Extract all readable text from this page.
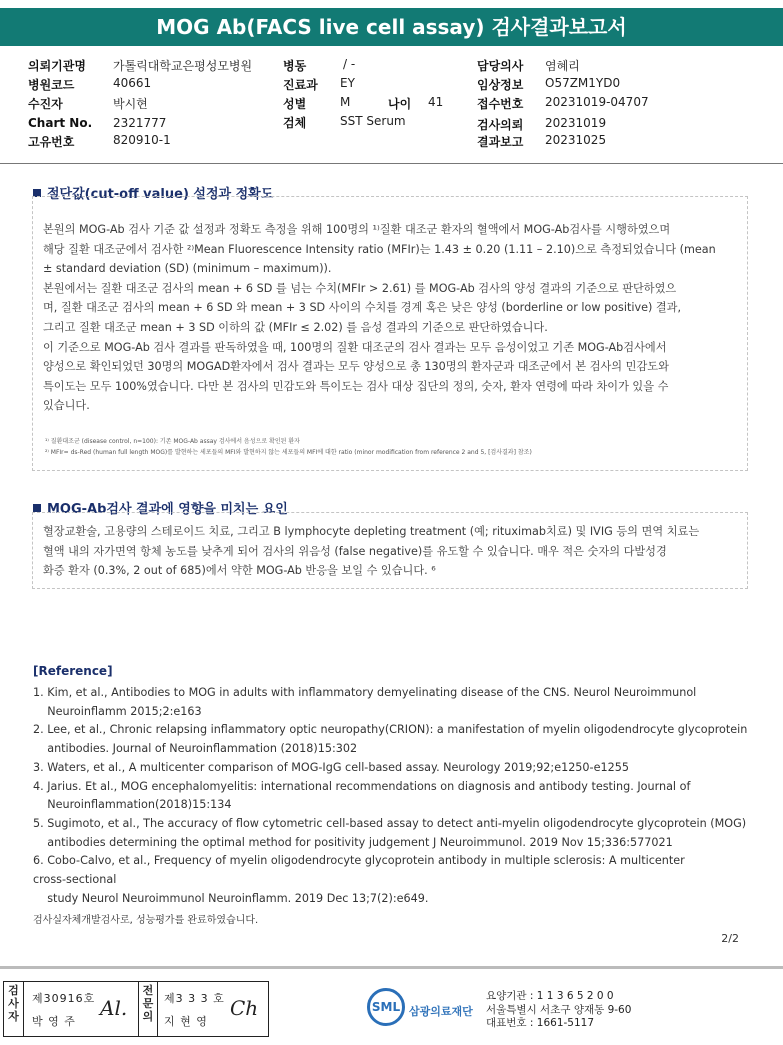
MOG Ab(FACS live cell assay) 검사결과보고서
의뢰기관명 가톨릭대학교은평성모병원
병원코드	40661
수진자	박시현
Chart No. 2321777
고유번호	820910-1
병동	/ -
진료과 EY
성별	M	나이 41
검체	SST Serum
담당의사 염혜리
임상정보 O57ZM1YD0
접수번호 20231019-04707
검사의뢰 20231019
결과보고 20231025
절단값(cut-off value) 설정과 정확도
본원의 MOG-Ab 검사 기준 값 설정과 정확도 측정을 위해 100명의 ¹⁾질환 대조군 환자의 혈액에서 MOG-Ab검사를 시행하였으며
해당 질환 대조군에서 검사한 ²⁾Mean Fluorescence Intensity ratio (MFIr)는 1.43 ± 0.20 (1.11 – 2.10)으로 측정되었습니다 (mean
± standard deviation (SD) (minimum – maximum)).
본원에서는 질환 대조군 검사의 mean + 6 SD 를 넘는 수치(MFIr > 2.61) 를 MOG-Ab 검사의 양성 결과의 기준으로 판단하였으
며, 질환 대조군 검사의 mean + 6 SD 와 mean + 3 SD 사이의 수치를 경계 혹은 낮은 양성 (borderline or low positive) 결과,
그리고 질환 대조군 mean + 3 SD 이하의 값 (MFIr ≤ 2.02) 를 음성 결과의 기준으로 판단하였습니다.
이 기준으로 MOG-Ab 검사 결과를 판독하였을 때, 100명의 질환 대조군의 검사 결과는 모두 음성이었고 기존 MOG-Ab검사에서
양성으로 확인되었던 30명의 MOGAD환자에서 검사 결과는 모두 양성으로 총 130명의 환자군과 대조군에서 본 검사의 민감도와
특이도는 모두 100%였습니다. 다만 본 검사의 민감도와 특이도는 검사 대상 집단의 정의, 숫자, 환자 연령에 따라 차이가 있을 수
있습니다.
¹⁾ 질환대조군 (disease control, n=100): 기존 MOG-Ab assay 검사에서 음성으로 확인된 환자
²⁾ MFIr= ds-Red (human full length MOG)를 발현하는 세포들의 MFI와 발현하지 않는 세포들의 MFI에 대한 ratio (minor modification from reference 2 and 5, [검사결과] 참조)
MOG-Ab검사 결과에 영향을 미치는 요인
혈장교환술, 고용량의 스테로이드 치료, 그리고 B lymphocyte depleting treatment (예; rituximab치료) 및 IVIG 등의 면역 치료는
혈액 내의 자가면역 항체 농도를 낮추게 되어 검사의 위음성 (false negative)를 유도할 수 있습니다. 매우 적은 숫자의 다발성경
화증 환자 (0.3%, 2 out of 685)에서 약한 MOG-Ab 반응을 보일 수 있습니다. ⁶
[Reference]
1. Kim, et al., Antibodies to MOG in adults with inflammatory demyelinating disease of the CNS. Neurol Neuroimmunol
Neuroinflamm 2015;2:e163
2. Lee, et al., Chronic relapsing inflammatory optic neuropathy(CRION): a manifestation of myelin oligodendrocyte glycoprotein
antibodies. Journal of Neuroinflammation (2018)15:302
3. Waters, et al., A multicenter comparison of MOG-IgG cell-based assay. Neurology 2019;92;e1250-e1255
4. Jarius. Et al., MOG encephalomyelitis: international recommendations on diagnosis and antibody testing. Journal of
Neuroinflammation(2018)15:134
5. Sugimoto, et al., The accuracy of flow cytometric cell-based assay to detect anti-myelin oligodendrocyte glycoprotein (MOG)
antibodies determining the optimal method for positivity judgement J Neuroimmunol. 2019 Nov 15;336:577021
6. Cobo-Calvo, et al., Frequency of myelin oligodendrocyte glycoprotein antibody in multiple sclerosis: A multicenter
cross-sectional
study Neurol Neuroimmunol Neuroinflamm. 2019 Dec 13;7(2):e649.
검사실자체개발검사로, 성능평가를 완료하였습니다.
2/2
검사자
제30916호
박 영 주
Al.
전문의
제3 3 3 호
지 현 영
Ch	SML 삼광의료재단
요양기관 : 1 1 3 6 5 2 0 0
서울특별시 서초구 양재동 9-60
대표번호 : 1661-5117
